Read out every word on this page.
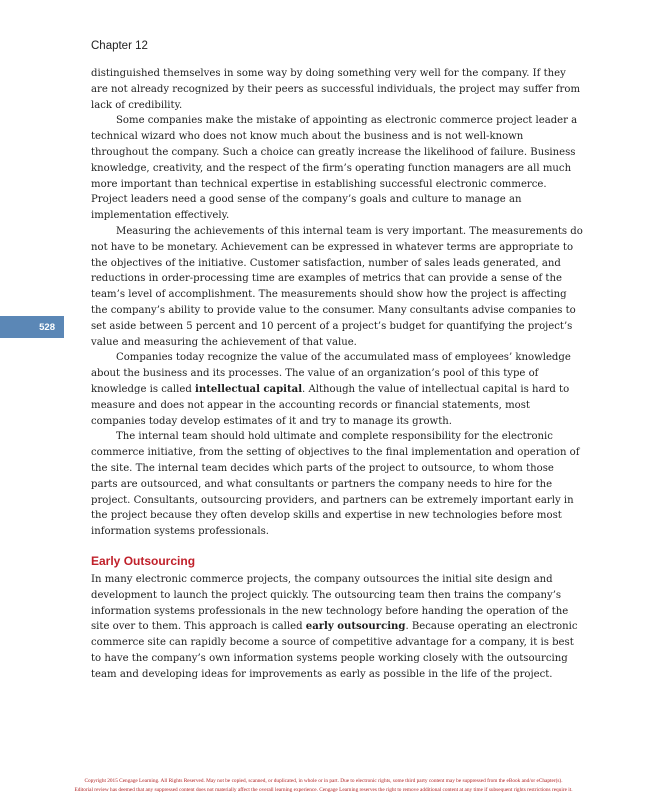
Chapter 12
528

distinguished themselves in some way by doing something very well for the company. If they are not already recognized by their peers as successful individuals, the project may suffer from lack of credibility.

Some companies make the mistake of appointing as electronic commerce project leader a technical wizard who does not know much about the business and is not well-known throughout the company. Such a choice can greatly increase the likelihood of failure. Business knowledge, creativity, and the respect of the firm’s operating function managers are all much more important than technical expertise in establishing successful electronic commerce. Project leaders need a good sense of the company’s goals and culture to manage an implementation effectively.

Measuring the achievements of this internal team is very important. The measurements do not have to be monetary. Achievement can be expressed in whatever terms are appropriate to the objectives of the initiative. Customer satisfaction, number of sales leads generated, and reductions in order-processing time are examples of metrics that can provide a sense of the team’s level of accomplishment. The measurements should show how the project is affecting the company’s ability to provide value to the consumer. Many consultants advise companies to set aside between 5 percent and 10 percent of a project’s budget for quantifying the project’s value and measuring the achievement of that value.

Companies today recognize the value of the accumulated mass of employees’ knowledge about the business and its processes. The value of an organization’s pool of this type of knowledge is called intellectual capital. Although the value of intellectual capital is hard to measure and does not appear in the accounting records or financial statements, most companies today develop estimates of it and try to manage its growth.

The internal team should hold ultimate and complete responsibility for the electronic commerce initiative, from the setting of objectives to the final implementation and operation of the site. The internal team decides which parts of the project to outsource, to whom those parts are outsourced, and what consultants or partners the company needs to hire for the project. Consultants, outsourcing providers, and partners can be extremely important early in the project because they often develop skills and expertise in new technologies before most information systems professionals.

Early Outsourcing

In many electronic commerce projects, the company outsources the initial site design and development to launch the project quickly. The outsourcing team then trains the company’s information systems professionals in the new technology before handing the operation of the site over to them. This approach is called early outsourcing. Because operating an electronic commerce site can rapidly become a source of competitive advantage for a company, it is best to have the company’s own information systems people working closely with the outsourcing team and developing ideas for improvements as early as possible in the life of the project.

Copyright 2015 Cengage Learning. All Rights Reserved. May not be copied, scanned, or duplicated, in whole or in part. Due to electronic rights, some third party content may be suppressed from the eBook and/or eChapter(s).
Editorial review has deemed that any suppressed content does not materially affect the overall learning experience. Cengage Learning reserves the right to remove additional content at any time if subsequent rights restrictions require it.
